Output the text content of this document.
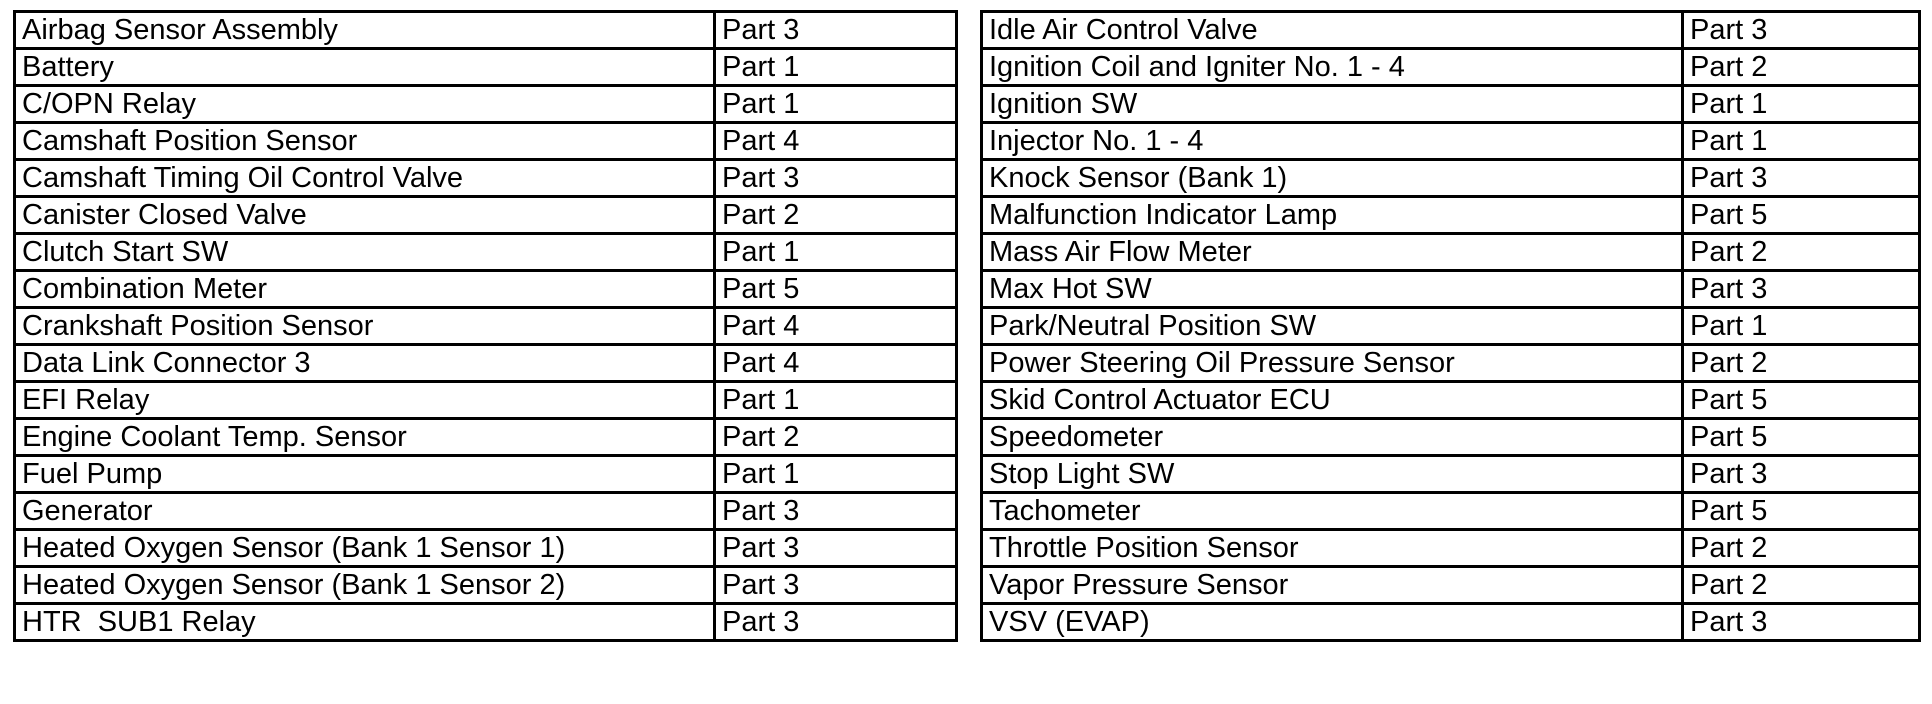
Airbag Sensor Assembly	Part 3
Battery	Part 1
C/OPN Relay	Part 1
Camshaft Position Sensor	Part 4
Camshaft Timing Oil Control Valve	Part 3
Canister Closed Valve	Part 2
Clutch Start SW	Part 1
Combination Meter	Part 5
Crankshaft Position Sensor	Part 4
Data Link Connector 3	Part 4
EFI Relay	Part 1
Engine Coolant Temp. Sensor	Part 2
Fuel Pump	Part 1
Generator	Part 3
Heated Oxygen Sensor (Bank 1 Sensor 1)	Part 3
Heated Oxygen Sensor (Bank 1 Sensor 2)	Part 3
HTR  SUB1 Relay	Part 3
Idle Air Control Valve	Part 3
Ignition Coil and Igniter No. 1 - 4	Part 2
Ignition SW	Part 1
Injector No. 1 - 4	Part 1
Knock Sensor (Bank 1)	Part 3
Malfunction Indicator Lamp	Part 5
Mass Air Flow Meter	Part 2
Max Hot SW	Part 3
Park/Neutral Position SW	Part 1
Power Steering Oil Pressure Sensor	Part 2
Skid Control Actuator ECU	Part 5
Speedometer	Part 5
Stop Light SW	Part 3
Tachometer	Part 5
Throttle Position Sensor	Part 2
Vapor Pressure Sensor	Part 2
VSV (EVAP)	Part 3
